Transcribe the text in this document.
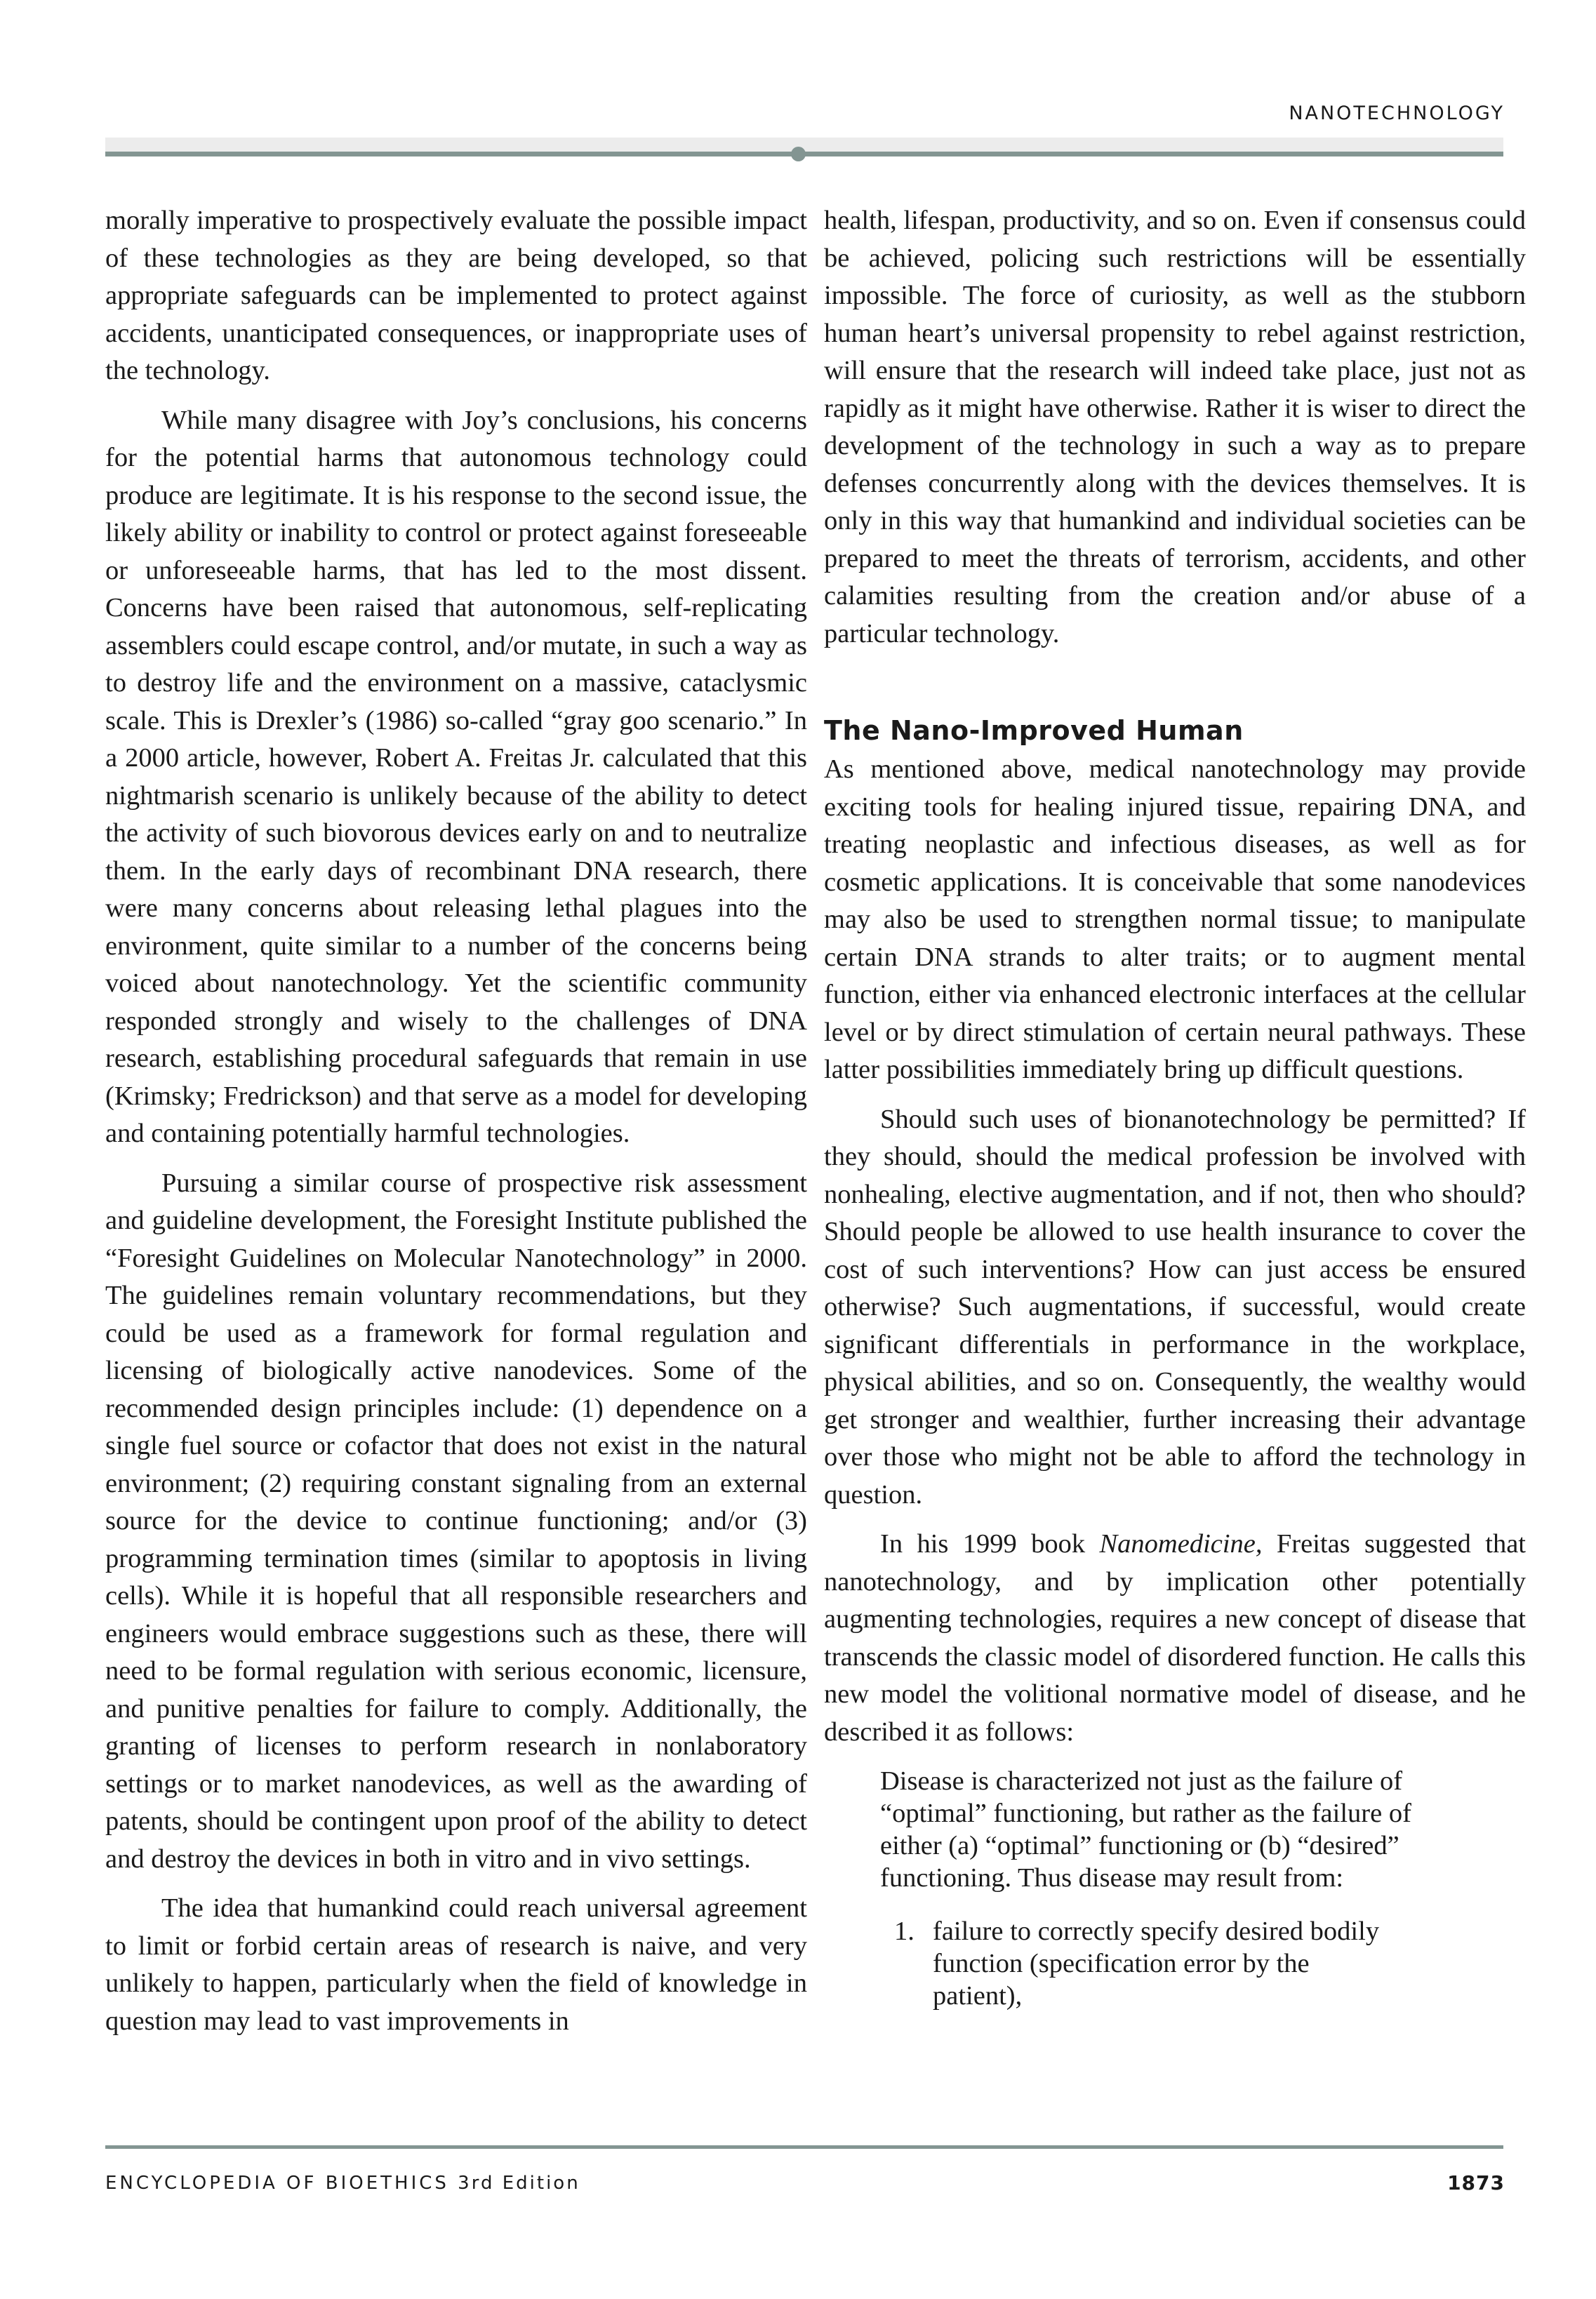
NANOTECHNOLOGY

morally imperative to prospectively evaluate the possible impact of these technologies as they are being developed, so that appropriate safeguards can be implemented to protect against accidents, unanticipated consequences, or inappropriate uses of the technology.

While many disagree with Joy’s conclusions, his concerns for the potential harms that autonomous technology could produce are legitimate. It is his response to the second issue, the likely ability or inability to control or protect against foreseeable or unforeseeable harms, that has led to the most dissent. Concerns have been raised that autonomous, self-replicating assemblers could escape control, and/or mutate, in such a way as to destroy life and the environment on a massive, cataclysmic scale. This is Drexler’s (1986) so-called “gray goo scenario.” In a 2000 article, however, Robert A. Freitas Jr. calculated that this nightmarish scenario is unlikely because of the ability to detect the activity of such biovorous devices early on and to neutralize them. In the early days of recombinant DNA research, there were many concerns about releasing lethal plagues into the environment, quite similar to a number of the concerns being voiced about nanotechnology. Yet the scientific community responded strongly and wisely to the challenges of DNA research, establishing procedural safeguards that remain in use (Krimsky; Fredrickson) and that serve as a model for developing and containing potentially harmful technologies.

Pursuing a similar course of prospective risk assessment and guideline development, the Foresight Institute published the “Foresight Guidelines on Molecular Nanotechnology” in 2000. The guidelines remain voluntary recommendations, but they could be used as a framework for formal regulation and licensing of biologically active nanodevices. Some of the recommended design principles include: (1) dependence on a single fuel source or cofactor that does not exist in the natural environment; (2) requiring constant signaling from an external source for the device to continue functioning; and/or (3) programming termination times (similar to apoptosis in living cells). While it is hopeful that all responsible researchers and engineers would embrace suggestions such as these, there will need to be formal regulation with serious economic, licensure, and punitive penalties for failure to comply. Additionally, the granting of licenses to perform research in nonlaboratory settings or to market nanodevices, as well as the awarding of patents, should be contingent upon proof of the ability to detect and destroy the devices in both in vitro and in vivo settings.

The idea that humankind could reach universal agreement to limit or forbid certain areas of research is naive, and very unlikely to happen, particularly when the field of knowledge in question may lead to vast improvements in

health, lifespan, productivity, and so on. Even if consensus could be achieved, policing such restrictions will be essentially impossible. The force of curiosity, as well as the stubborn human heart’s universal propensity to rebel against restriction, will ensure that the research will indeed take place, just not as rapidly as it might have otherwise. Rather it is wiser to direct the development of the technology in such a way as to prepare defenses concurrently along with the devices themselves. It is only in this way that humankind and individual societies can be prepared to meet the threats of terrorism, accidents, and other calamities resulting from the creation and/or abuse of a particular technology.

The Nano-Improved Human

As mentioned above, medical nanotechnology may provide exciting tools for healing injured tissue, repairing DNA, and treating neoplastic and infectious diseases, as well as for cosmetic applications. It is conceivable that some nanodevices may also be used to strengthen normal tissue; to manipulate certain DNA strands to alter traits; or to augment mental function, either via enhanced electronic interfaces at the cellular level or by direct stimulation of certain neural pathways. These latter possibilities immediately bring up difficult questions.

Should such uses of bionanotechnology be permitted? If they should, should the medical profession be involved with nonhealing, elective augmentation, and if not, then who should? Should people be allowed to use health insurance to cover the cost of such interventions? How can just access be ensured otherwise? Such augmentations, if successful, would create significant differentials in performance in the workplace, physical abilities, and so on. Consequently, the wealthy would get stronger and wealthier, further increasing their advantage over those who might not be able to afford the technology in question.

In his 1999 book Nanomedicine, Freitas suggested that nanotechnology, and by implication other potentially augmenting technologies, requires a new concept of disease that transcends the classic model of disordered function. He calls this new model the volitional normative model of disease, and he described it as follows:

Disease is characterized not just as the failure of “optimal” functioning, but rather as the failure of either (a) “optimal” functioning or (b) “desired” functioning. Thus disease may result from:

1. failure to correctly specify desired bodily function (specification error by the patient),
ENCYCLOPEDIA OF BIOETHICS 3rd Edition	1873
